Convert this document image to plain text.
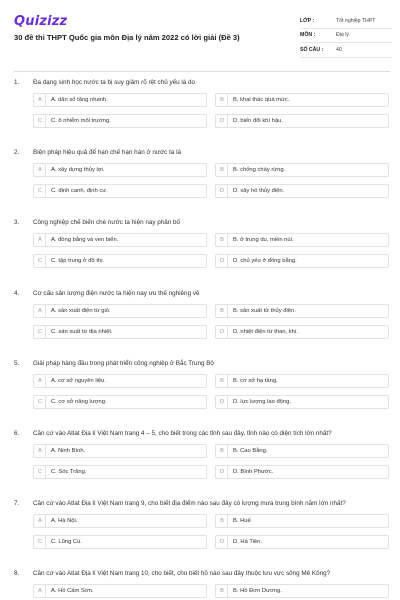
Quizizz
30 đề thi THPT Quốc gia môn Địa lý năm 2022 có lời giải (Đề 3)
LỚP :	Tốt nghiệp THPT
MÔN :	Địa lý
SỐ CÂU :	40
1. Đa dạng sinh học nước ta bị suy giảm rõ rệt chủ yếu là do
A	A. dân số tăng nhanh.	B	B. khai thác quá mức.
C	C. ô nhiễm môi trường.	D	D. biến đổi khí hậu.
2. Biện pháp hiệu quả để hạn chế hạn hán ở nước ta là
A	A. xây dựng thủy lợi.	B	B. chống cháy rừng.
C	C. định canh, định cư.	D	D. xây hồ thủy điện.
3. Công nghiệp chế biến chè nước ta hiện nay phân bố
A	A. đồng bằng và ven biển.	B	B. ở trung du, miền núi.
C	C. tập trung ở đô thị.	D	D. chủ yếu ở đồng bằng.
4. Cơ cấu sản lượng điện nước ta hiện nay ưu thế nghiêng về
A	A. sản xuất điện từ gió.	B	B. sản xuất từ thủy điện.
C	C. sản xuất từ địa nhiệt.	D	D. nhiệt điện từ than, khí.
5. Giải pháp hàng đầu trong phát triển công nghiệp ở Bắc Trung Bộ
A	A. cơ sở nguyên liệu.	B	B. cơ sở hạ tầng.
C	C. cơ sở năng lượng.	D	D. lực lượng lao động.
6. Căn cứ vào Atlat Địa lí Việt Nam trang 4 – 5, cho biết trong các tỉnh sau đây, tỉnh nào có diện tích lớn nhất?
A	A. Ninh Bình.	B	B. Cao Bằng.
C	C. Sóc Trăng.	D	D. Bình Phước.
7. Căn cứ vào Atlat Địa lí Việt Nam trang 9, cho biết địa điểm nào sau đây có lượng mưa trung bình năm lớn nhất?
A	A. Hà Nội.	B	B. Huế.
C	C. Lũng Cú.	D	D. Hà Tiên.
8. Căn cứ vào Atlat Địa lí Việt Nam trang 10, cho biết, cho biết hồ nào sau đây thuộc lưu vực sông Mê Kông?
A	A. Hồ Cấm Sơn.	B	B. Hồ Đơn Dương.
